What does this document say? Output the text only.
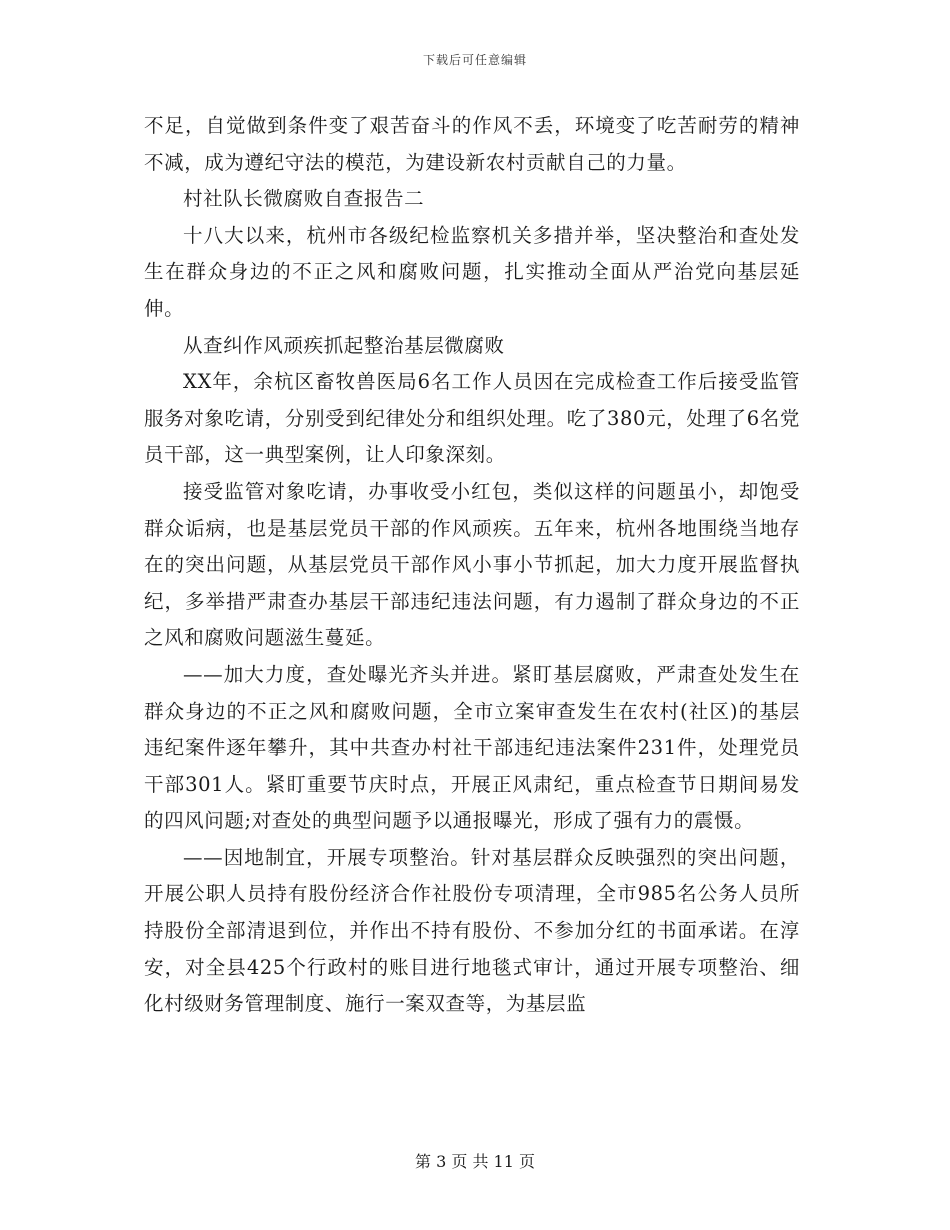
下载后可任意编辑

不足，自觉做到条件变了艰苦奋斗的作风不丢，环境变了吃苦耐劳的精神不减，成为遵纪守法的模范，为建设新农村贡献自己的力量。

村社队长微腐败自查报告二

十八大以来，杭州市各级纪检监察机关多措并举，坚决整治和查处发生在群众身边的不正之风和腐败问题，扎实推动全面从严治党向基层延伸。

从查纠作风顽疾抓起整治基层微腐败

XX年，余杭区畜牧兽医局6名工作人员因在完成检查工作后接受监管服务对象吃请，分别受到纪律处分和组织处理。吃了380元，处理了6名党员干部，这一典型案例，让人印象深刻。

接受监管对象吃请，办事收受小红包，类似这样的问题虽小，却饱受群众诟病，也是基层党员干部的作风顽疾。五年来，杭州各地围绕当地存在的突出问题，从基层党员干部作风小事小节抓起，加大力度开展监督执纪，多举措严肃查办基层干部违纪违法问题，有力遏制了群众身边的不正之风和腐败问题滋生蔓延。

——加大力度，查处曝光齐头并进。紧盯基层腐败，严肃查处发生在群众身边的不正之风和腐败问题，全市立案审查发生在农村(社区)的基层违纪案件逐年攀升，其中共查办村社干部违纪违法案件231件，处理党员干部301人。紧盯重要节庆时点，开展正风肃纪，重点检查节日期间易发的四风问题;对查处的典型问题予以通报曝光，形成了强有力的震慑。

——因地制宜，开展专项整治。针对基层群众反映强烈的突出问题，开展公职人员持有股份经济合作社股份专项清理，全市985名公务人员所持股份全部清退到位，并作出不持有股份、不参加分红的书面承诺。在淳安，对全县425个行政村的账目进行地毯式审计，通过开展专项整治、细化村级财务管理制度、施行一案双查等，为基层监

第 3 页 共 11 页
